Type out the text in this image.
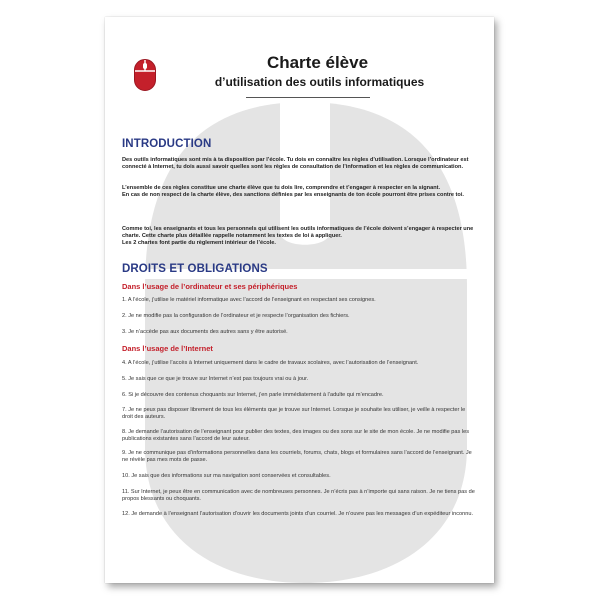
Charte élève
d’utilisation des outils informatiques
INTRODUCTION

Des outils informatiques sont mis à ta disposition par l’école. Tu dois en connaître les règles d’utilisation. Lorsque l’ordinateur est connecté à Internet, tu dois aussi savoir quelles sont les règles de consultation de l’information et les règles de communication.

L’ensemble de ces règles constitue une charte élève que tu dois lire, comprendre et t’engager à respecter en la signant.
En cas de non respect de la charte élève, des sanctions définies par les enseignants de ton école pourront être prises contre toi.

Comme toi, les enseignants et tous les personnels qui utilisent les outils informatiques de l’école doivent s’engager à respecter une charte. Cette charte plus détaillée rappelle notamment les textes de loi à appliquer.
Les 2 chartes font partie du règlement intérieur de l’école.

DROITS ET OBLIGATIONS
Dans l’usage de l’ordinateur et ses périphériques

1. A l’école, j’utilise le matériel informatique avec l’accord de l’enseignant en respectant ses consignes.

2. Je ne modifie pas la configuration de l’ordinateur et je respecte l’organisation des fichiers.

3. Je n’accède pas aux documents des autres sans y être autorisé.

Dans l’usage de l’Internet

4. A l’école, j’utilise l’accès à Internet uniquement dans le cadre de travaux scolaires, avec l’autorisation de l’enseignant.

5. Je sais que ce que je trouve sur Internet n’est pas toujours vrai ou à jour.

6. Si je découvre des contenus choquants sur Internet, j’en parle immédiatement à l’adulte qui m’encadre.

7. Je ne peux pas disposer librement de tous les éléments que je trouve sur Internet. Lorsque je souhaite les utiliser, je veille à respecter le droit des auteurs.

8. Je demande l’autorisation de l’enseignant pour publier des textes, des images ou des sons sur le site de mon école. Je ne modifie pas les publications existantes sans l’accord de leur auteur.

9. Je ne communique pas d’informations personnelles dans les courriels, forums, chats, blogs et formulaires sans l’accord de l’enseignant. Je ne révèle pas mes mots de passe.

10. Je sais que des informations sur ma navigation sont conservées et consultables.

11. Sur Internet, je peux être en communication avec de nombreuses personnes. Je n’écris pas à n’importe qui sans raison. Je ne tiens pas de propos blessants ou choquants.

12. Je demande à l’enseignant l’autorisation d’ouvrir les documents joints d’un courriel. Je n’ouvre pas les messages d’un expéditeur inconnu.
